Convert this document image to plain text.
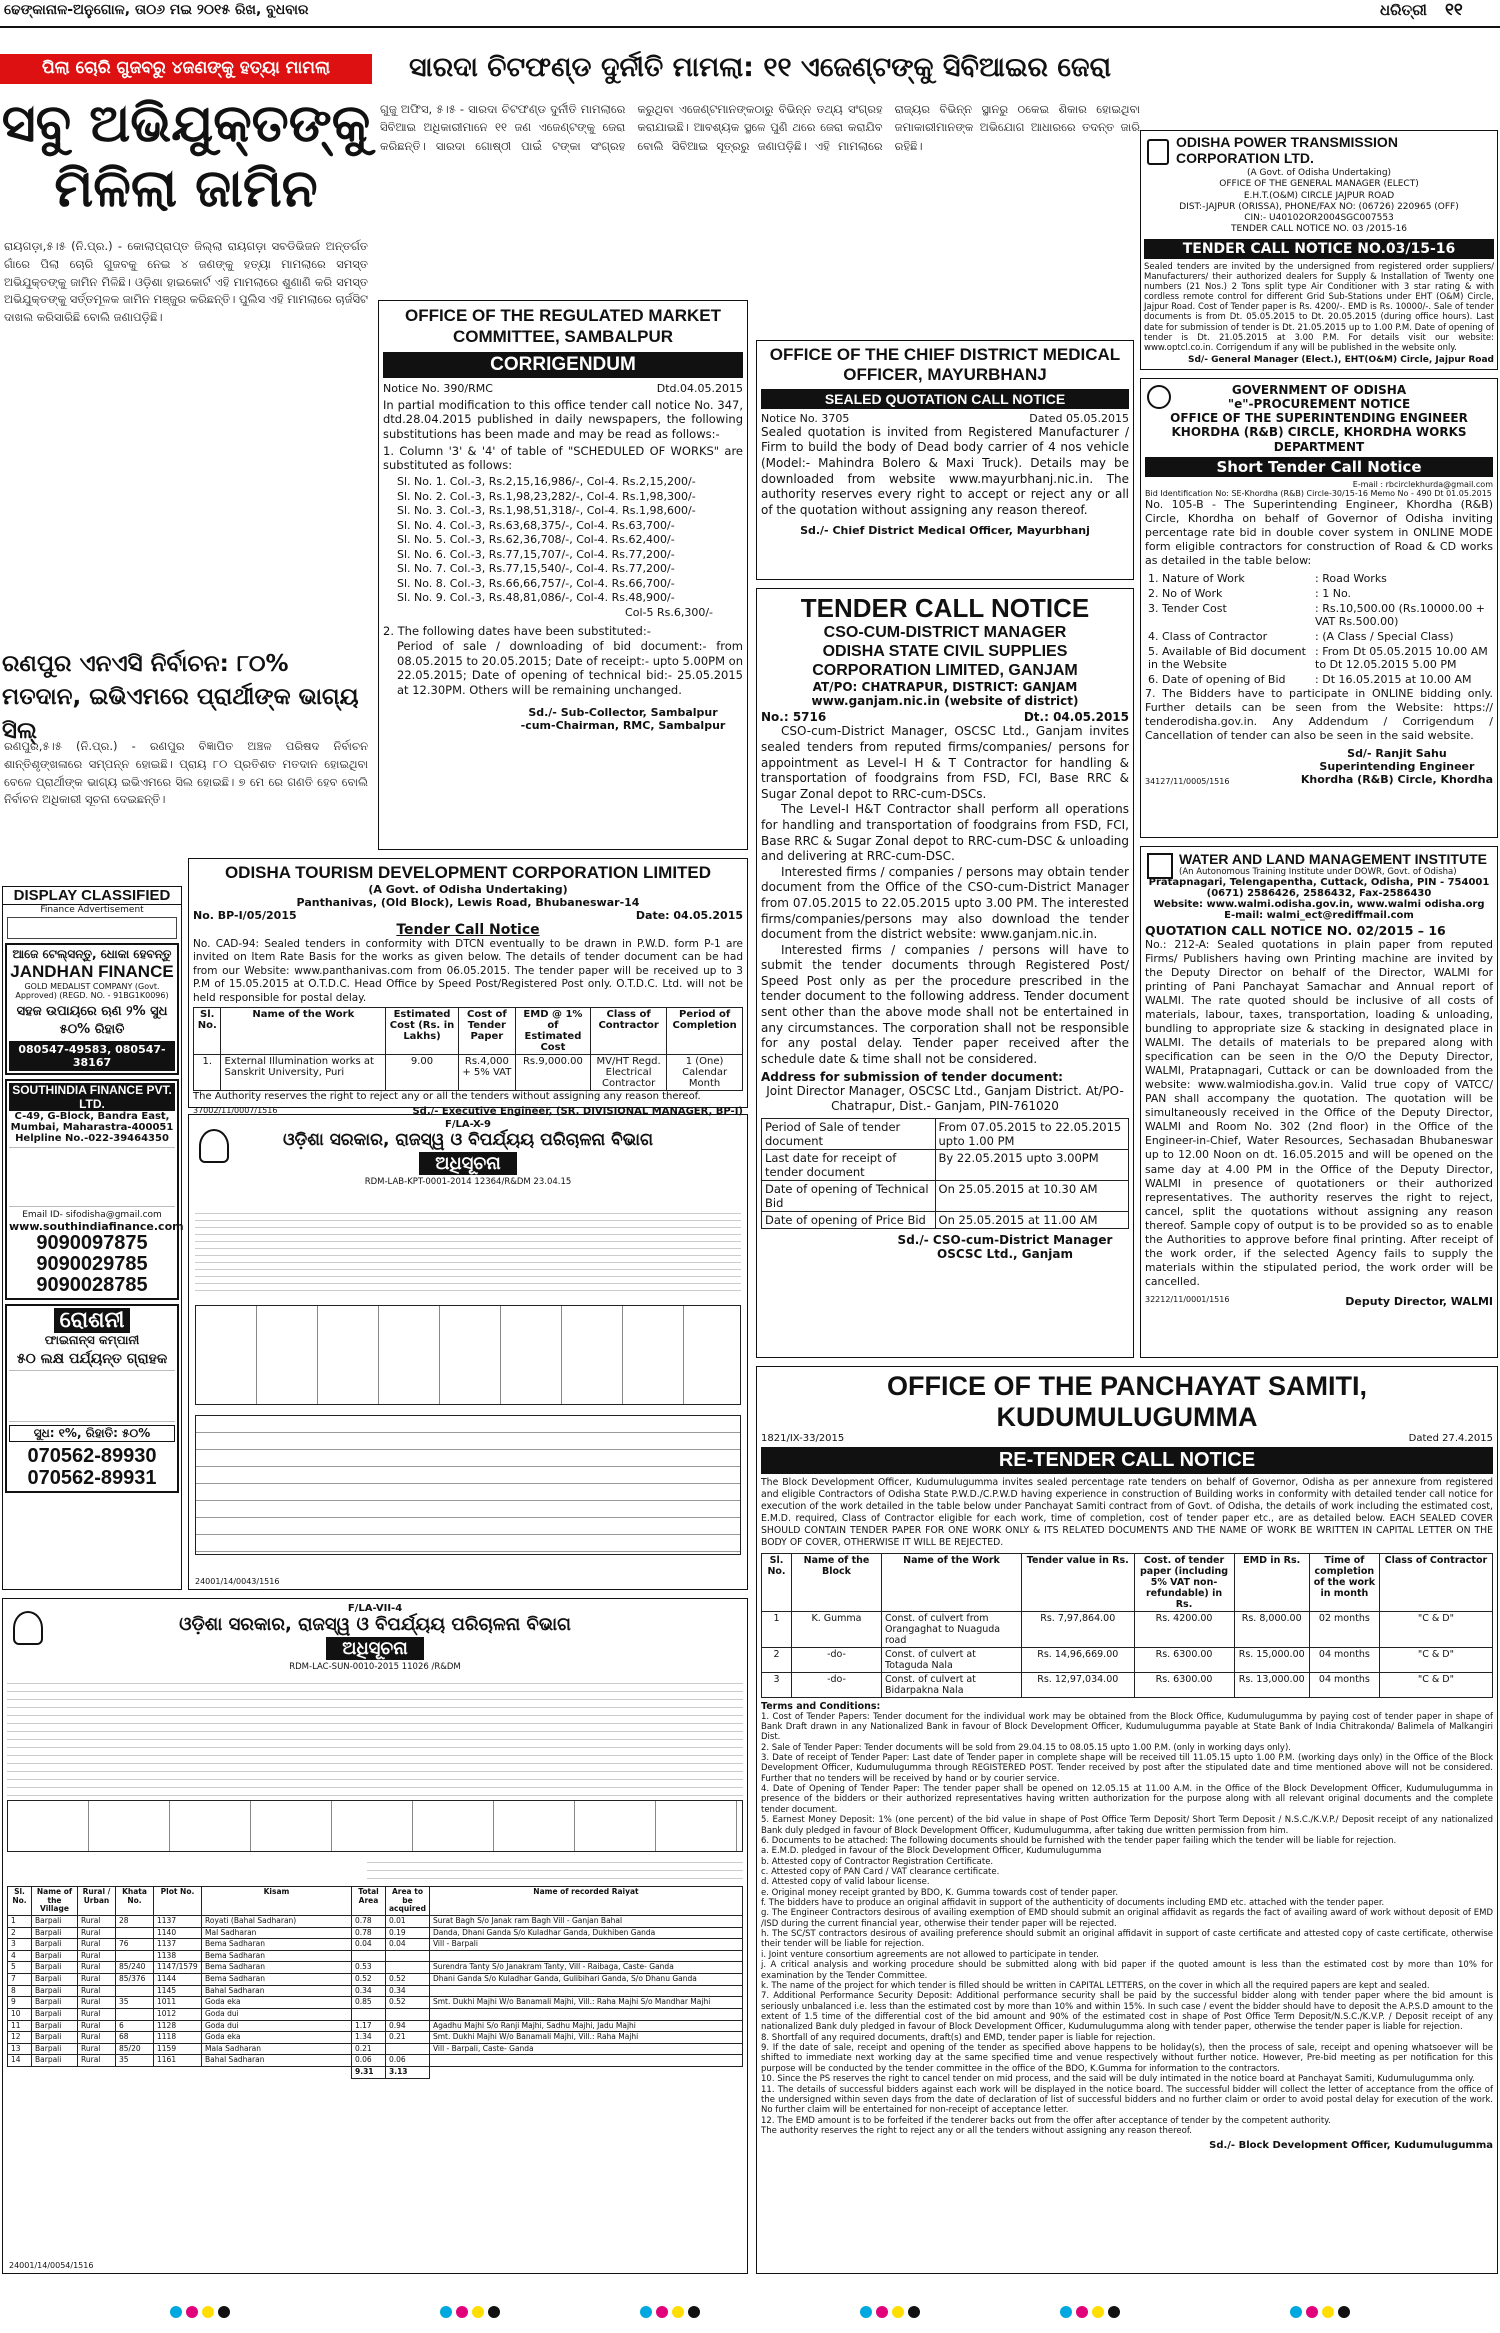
ଢେଙ୍କାନାଳ-ଅନୁଗୋଳ, ତା୦୬ ମଇ ୨୦୧୫ ରିଖ, ବୁଧବାର	ଧରିତ୍ରୀ	୧୧
ପିଲା ଚୋରି ଗୁଜବରୁ ୪ଜଣଙ୍କୁ ହତ୍ୟା ମାମଲା
ସବୁ ଅଭିଯୁକ୍ତଙ୍କୁ ମିଳିଲା ଜାମିନ
ରାୟଗଡ଼ା,୫।୫ (ନି.ପ୍ର.) - କୋଲାପ୍ରାପ୍ତ ଜିଲ୍ଲା ରାୟଗଡ଼ା ସବଡିଭିଜନ ଅନ୍ତର୍ଗତ ଗାଁରେ ପିଲା ଚୋରି ଗୁଜବକୁ ନେଇ ୪ ଜଣଙ୍କୁ ହତ୍ୟା ମାମଲାରେ ସମସ୍ତ ଅଭିଯୁକ୍ତଙ୍କୁ ଜାମିନ ମିଳିଛି। ଓଡ଼ିଶା ହାଇକୋର୍ଟ ଏହି ମାମଲାରେ ଶୁଣାଣି କରି ସମସ୍ତ ଅଭିଯୁକ୍ତଙ୍କୁ ସର୍ତ୍ତମୂଳକ ଜାମିନ ମଞ୍ଜୁର କରିଛନ୍ତି। ପୁଲିସ ଏହି ମାମଲାରେ ଚାର୍ଜସିଟ ଦାଖଲ କରିସାରିଛି ବୋଲି ଜଣାପଡ଼ିଛି।
ରଣପୁର ଏନଏସି ନିର୍ବାଚନ: ୮୦% ମତଦାନ, ଇଭିଏମରେ ପ୍ରାର୍ଥୀଙ୍କ ଭାଗ୍ୟ ସିଲ୍
ରଣପୁର,୫।୫ (ନି.ପ୍ର.) - ରଣପୁର ବିଜ୍ଞାପିତ ଅଞ୍ଚଳ ପରିଷଦ ନିର୍ବାଚନ ଶାନ୍ତିଶୃଙ୍ଖଳାରେ ସମ୍ପନ୍ନ ହୋଇଛି। ପ୍ରାୟ ୮୦ ପ୍ରତିଶତ ମତଦାନ ହୋଇଥିବା ବେଳେ ପ୍ରାର୍ଥୀଙ୍କ ଭାଗ୍ୟ ଇଭିଏମରେ ସିଲ ହୋଇଛି। ୭ ମେ ରେ ଗଣତି ହେବ ବୋଲି ନିର୍ବାଚନ ଅଧିକାରୀ ସୂଚନା ଦେଇଛନ୍ତି।
ସାରଦା ଚିଟଫଣ୍ଡ ଦୁର୍ନୀତି ମାମଲା: ୧୧ ଏଜେଣ୍ଟଙ୍କୁ ସିବିଆଇର ଜେରା
ଗୁଜୁ ଅଫିସ, ୫।୫ - ସାରଦା ଚିଟଫଣ୍ଡ ଦୁର୍ନୀତି ମାମଲାରେ ସିବିଆଇ ଅଧିକାରୀମାନେ ୧୧ ଜଣ ଏଜେଣ୍ଟଙ୍କୁ ଜେରା କରିଛନ୍ତି। ସାରଦା ଗୋଷ୍ଠୀ ପାଇଁ ଟଙ୍କା ସଂଗ୍ରହ କରୁଥିବା ଏଜେଣ୍ଟମାନଙ୍କଠାରୁ ବିଭିନ୍ନ ତଥ୍ୟ ସଂଗ୍ରହ କରାଯାଇଛି। ଆବଶ୍ୟକ ସ୍ଥଳେ ପୁଣି ଥରେ ଜେରା କରାଯିବ ବୋଲି ସିବିଆଇ ସୂତ୍ରରୁ ଜଣାପଡ଼ିଛି। ଏହି ମାମଲାରେ ରାଜ୍ୟର ବିଭିନ୍ନ ସ୍ଥାନରୁ ଠକେଇ ଶିକାର ହୋଇଥିବା ଜମାକାରୀମାନଙ୍କ ଅଭିଯୋଗ ଆଧାରରେ ତଦନ୍ତ ଜାରି ରହିଛି।	ODISHA POWER TRANSMISSION CORPORATION LTD.
(A Govt. of Odisha Undertaking)
OFFICE OF THE GENERAL MANAGER (ELECT)
E.H.T.(O&M) CIRCLE JAJPUR ROAD
DIST:-JAJPUR (ORISSA), PHONE/FAX NO: (06726) 220965 (OFF)
CIN:- U40102OR2004SGC007553
TENDER CALL NOTICE NO. 03 /2015-16
TENDER CALL NOTICE NO.03/15-16
Sealed tenders are invited by the undersigned from registered order suppliers/ Manufacturers/ their authorized dealers for Supply & Installation of Twenty one numbers (21 Nos.) 2 Tons split type Air Conditioner with 3 star rating & with cordless remote control for different Grid Sub-Stations under EHT (O&M) Circle, Jajpur Road. Cost of Tender paper is Rs. 4200/-. EMD is Rs. 10000/-. Sale of tender documents is from Dt. 05.05.2015 to Dt. 20.05.2015 (during office hours). Last date for submission of tender is Dt. 21.05.2015 up to 1.00 P.M. Date of opening of tender is Dt. 21.05.2015 at 3.00 P.M. For details visit our website: www.optcl.co.in. Corrigendum if any will be published in the website only.
Sd/- General Manager (Elect.), EHT(O&M) Circle, Jajpur Road
OFFICE OF THE REGULATED MARKET COMMITTEE, SAMBALPUR
CORRIGENDUM
Notice No. 390/RMC	Dtd.04.05.2015
In partial modification to this office tender call notice No. 347, dtd.28.04.2015 published in daily newspapers, the following substitutions has been made and may be read as follows:-
1. Column '3' & '4' of table of "SCHEDULED OF WORKS" are substituted as follows:
Sl. No. 1. Col.-3, Rs.2,15,16,986/-, Col-4. Rs.2,15,200/-
Sl. No. 2. Col.-3, Rs.1,98,23,282/-, Col-4. Rs.1,98,300/-
Sl. No. 3. Col.-3, Rs.1,98,51,318/-, Col-4. Rs.1,98,600/-
Sl. No. 4. Col.-3, Rs.63,68,375/-, Col-4. Rs.63,700/-
Sl. No. 5. Col.-3, Rs.62,36,708/-, Col-4. Rs.62,400/-
Sl. No. 6. Col.-3, Rs.77,15,707/-, Col-4. Rs.77,200/-
Sl. No. 7. Col.-3, Rs.77,15,540/-, Col-4. Rs.77,200/-
Sl. No. 8. Col.-3, Rs.66,66,757/-, Col-4. Rs.66,700/-
Sl. No. 9. Col.-3, Rs.48,81,086/-, Col-4. Rs.48,900/-
Col-5 Rs.6,300/-
2. The following dates have been substituted:-
Period of sale / downloading of bid document:- from 08.05.2015 to 20.05.2015; Date of receipt:- upto 5.00PM on 22.05.2015; Date of opening of technical bid:- 25.05.2015 at 12.30PM. Others will be remaining unchanged.
Sd./- Sub-Collector, Sambalpur
-cum-Chairman, RMC, Sambalpur
OFFICE OF THE CHIEF DISTRICT MEDICAL OFFICER, MAYURBHANJ
SEALED QUOTATION CALL NOTICE
Notice No. 3705	Dated 05.05.2015
Sealed quotation is invited from Registered Manufacturer / Firm to build the body of Dead body carrier of 4 nos vehicle (Model:- Mahindra Bolero & Maxi Truck). Details may be downloaded from website www.mayurbhanj.nic.in. The authority reserves every right to accept or reject any or all of the quotation without assigning any reason thereof.
Sd./- Chief District Medical Officer, Mayurbhanj
GOVERNMENT OF ODISHA
"e"-PROCUREMENT NOTICE
OFFICE OF THE SUPERINTENDING ENGINEER KHORDHA (R&B) CIRCLE, KHORDHA WORKS DEPARTMENT
Short Tender Call Notice
E-mail : rbcirclekhurda@gmail.com
Bid Identification No: SE-Khordha (R&B) Circle-30/15-16 Memo No - 490 Dt 01.05.2015
No. 105-B - The Superintending Engineer, Khordha (R&B) Circle, Khordha on behalf of Governor of Odisha inviting percentage rate bid in double cover system in ONLINE MODE form eligible contractors for construction of Road & CD works as detailed in the table below:
1. Nature of Work	: Road Works
2. No of Work	: 1 No.
3. Tender Cost	: Rs.10,500.00 (Rs.10000.00 + VAT Rs.500.00)
4. Class of Contractor	: (A Class / Special Class)
5. Available of Bid document in the Website	: From Dt 05.05.2015 10.00 AM to Dt 12.05.2015 5.00 PM
6. Date of opening of Bid	: Dt 16.05.2015 at 10.00 AM
7. The Bidders have to participate in ONLINE bidding only. Further details can be seen from the Website: https:// tenderodisha.gov.in. Any Addendum / Corrigendum / Cancellation of tender can also be seen in the said website.
34127/11/0005/1516
Sd/- Ranjit Sahu
Superintending Engineer
Khordha (R&B) Circle, Khordha
TENDER CALL NOTICE
CSO-CUM-DISTRICT MANAGER
ODISHA STATE CIVIL SUPPLIES CORPORATION LIMITED, GANJAM
AT/PO: CHATRAPUR, DISTRICT: GANJAM
www.ganjam.nic.in (website of district)
No.: 5716	Dt.: 04.05.2015
CSO-cum-District Manager, OSCSC Ltd., Ganjam invites sealed tenders from reputed firms/companies/ persons for appointment as Level-I H & T Contractor for handling & transportation of foodgrains from FSD, FCI, Base RRC & Sugar Zonal depot to RRC-cum-DSCs.
The Level-I H&T Contractor shall perform all operations for handling and transportation of foodgrains from FSD, FCI, Base RRC & Sugar Zonal depot to RRC-cum-DSC & unloading and delivering at RRC-cum-DSC.
Interested firms / companies / persons may obtain tender document from the Office of the CSO-cum-District Manager from 07.05.2015 to 22.05.2015 upto 3.00 PM. The interested firms/companies/persons may also download the tender document from the district website: www.ganjam.nic.in.
Interested firms / companies / persons will have to submit the tender documents through Registered Post/ Speed Post only as per the procedure prescribed in the tender document to the following address. Tender document sent other than the above mode shall not be entertained in any circumstances. The corporation shall not be responsible for any postal delay. Tender paper received after the schedule date & time shall not be considered.
Address for submission of tender document:
Joint Director Manager, OSCSC Ltd., Ganjam District. At/PO- Chatrapur, Dist.- Ganjam, PIN-761020
Period of Sale of tender document	From 07.05.2015 to 22.05.2015 upto 1.00 PM
Last date for receipt of tender document	By 22.05.2015 upto 3.00PM
Date of opening of Technical Bid	On 25.05.2015 at 10.30 AM
Date of opening of Price Bid	On 25.05.2015 at 11.00 AM
Sd./- CSO-cum-District Manager
OSCSC Ltd., Ganjam
WATER AND LAND MANAGEMENT INSTITUTE
(An Autonomous Training Institute under DOWR, Govt. of Odisha)
Pratapnagari, Telengapentha, Cuttack, Odisha, PIN - 754001
(0671) 2586426, 2586432, Fax-2586430
Website: www.walmi.odisha.gov.in, www.walmi odisha.org
E-mail: walmi_ect@rediffmail.com
QUOTATION CALL NOTICE NO. 02/2015 – 16
No.: 212-A: Sealed quotations in plain paper from reputed Firms/ Publishers having own Printing machine are invited by the Deputy Director on behalf of the Director, WALMI for printing of Pani Panchayat Samachar and Annual report of WALMI. The rate quoted should be inclusive of all costs of materials, labour, taxes, transportation, loading & unloading, bundling to appropriate size & stacking in designated place in WALMI. The details of materials to be prepared along with specification can be seen in the O/O the Deputy Director, WALMI, Pratapnagari, Cuttack or can be downloaded from the website: www.walmiodisha.gov.in. Valid true copy of VATCC/ PAN shall accompany the quotation. The quotation will be simultaneously received in the Office of the Deputy Director, WALMI and Room No. 302 (2nd floor) in the Office of the Engineer-in-Chief, Water Resources, Sechasadan Bhubaneswar up to 12.00 Noon on dt. 16.05.2015 and will be opened on the same day at 4.00 PM in the Office of the Deputy Director, WALMI in presence of quotationers or their authorized representatives. The authority reserves the right to reject, cancel, split the quotations without assigning any reason thereof. Sample copy of output is to be provided so as to enable the Authorities to approve before final printing. After receipt of the work order, if the selected Agency fails to supply the materials within the stipulated period, the work order will be cancelled.
32212/11/0001/1516	Deputy Director, WALMI
ODISHA TOURISM DEVELOPMENT CORPORATION LIMITED
(A Govt. of Odisha Undertaking)
Panthanivas, (Old Block), Lewis Road, Bhubaneswar-14
No. BP-I/05/2015	Date: 04.05.2015
Tender Call Notice
No. CAD-94: Sealed tenders in conformity with DTCN eventually to be drawn in P.W.D. form P-1 are invited on Item Rate Basis for the works as given below. The details of tender document can be had from our Website: www.panthanivas.com from 06.05.2015. The tender paper will be received up to 3 P.M of 15.05.2015 at O.T.D.C. Head Office by Speed Post/Registered Post only. O.T.D.C. Ltd. will not be held responsible for postal delay.
Sl. No.	Name of the Work	Estimated Cost (Rs. in Lakhs)	Cost of Tender Paper	EMD @ 1% of Estimated Cost	Class of Contractor	Period of Completion
1.	External Illumination works at Sanskrit University, Puri	9.00	Rs.4,000 + 5% VAT	Rs.9,000.00	MV/HT Regd. Electrical Contractor	1 (One) Calendar Month
The Authority reserves the right to reject any or all the tenders without assigning any reason thereof.
37002/11/0007/1516	Sd./- Executive Engineer, (SR. DIVISIONAL MANAGER, BP-I)
DISPLAY CLASSIFIED
Finance Advertisement
ଆଜେ ଟେଲ୍ସନ୍ତୁ, ଧୋକା ହେବନ୍ତୁ
JANDHAN FINANCE
GOLD MEDALIST COMPANY (Govt. Approved) (REGD. NO. - 91BG1K0096)
ସହଜ ଉପାୟରେ ଋଣ ୨% ସୁଧ ୫୦% ରିହାତି
080547-49583, 080547-38167
SOUTHINDIA FINANCE PVT. LTD.
C-49, G-Block, Bandra East, Mumbai, Maharastra-400051
Helpline No.-022-39464350
Email ID- sifodisha@gmail.com
www.southindiafinance.com
9090097875
9090029785
9090028785
ରୋଶନୀ ଫାଇନାନ୍ସ କମ୍ପାନୀ
୫୦ ଲକ୍ଷ ପର୍ଯ୍ୟନ୍ତ ଗ୍ରାହକ
ସୁଧ: ୧%, ରିହାତି: ୫୦%
070562-89930
070562-89931
F/LA-X-9
ଓଡ଼ିଶା ସରକାର, ରାଜସ୍ୱ ଓ ବିପର୍ଯ୍ୟୟ ପରିଚାଳନା ବିଭାଗ
ଅଧିସୂଚନା
RDM-LAB-KPT-0001-2014 12364/R&DM 23.04.15
24001/14/0043/1516
F/LA-VII-4
ଓଡ଼ିଶା ସରକାର, ରାଜସ୍ୱ ଓ ବିପର୍ଯ୍ୟୟ ପରିଚାଳନା ବିଭାଗ
ଅଧିସୂଚନା
RDM-LAC-SUN-0010-2015 11026 /R&DM
Sl. No.	Name of the Village	Rural / Urban	Khata No.	Plot No.	Kisam	Total Area	Area to be acquired	Name of recorded Raiyat
1	Barpali	Rural	28	1137	Royati (Bahal Sadharan)	0.78	0.01	Surat Bagh S/o Janak ram Bagh Vill - Ganjan Bahal
2	Barpali	Rural		1140	Mal Sadharan	0.78	0.19	Danda, Dhani Ganda S/o Kuladhar Ganda, Dukhiben Ganda
3	Barpali	Rural	76	1137	Bema Sadharan	0.04	0.04	Vill - Barpali
4	Barpali	Rural		1138	Bema Sadharan			
5	Barpali	Rural	85/240	1147/1579	Bema Sadharan	0.53		Surendra Tanty S/o Janakram Tanty, Vill - Raibaga, Caste- Ganda
7	Barpali	Rural	85/376	1144	Bema Sadharan	0.52	0.52	Dhani Ganda S/o Kuladhar Ganda, Gulibihari Ganda, S/o Dhanu Ganda
8	Barpali	Rural		1145	Bahal Sadharan	0.34	0.34	
9	Barpali	Rural	35	1011	Goda eka	0.85	0.52	Smt. Dukhi Majhi W/o Banamali Majhi, Vill.: Raha Majhi S/o Mandhar Majhi
10	Barpali	Rural		1012	Goda dui			
11	Barpali	Rural	6	1128	Goda dui	1.17	0.94	Agadhu Majhi S/o Ranji Majhi, Sadhu Majhi, Jadu Majhi
12	Barpali	Rural	68	1118	Goda eka	1.34	0.21	Smt. Dukhi Majhi W/o Banamali Majhi, Vill.: Raha Majhi
13	Barpali	Rural	85/20	1159	Mala Sadharan	0.21		Vill - Barpali, Caste- Ganda
14	Barpali	Rural	35	1161	Bahal Sadharan	0.06	0.06	
						9.31	3.13	
24001/14/0054/1516
OFFICE OF THE PANCHAYAT SAMITI, KUDUMULUGUMMA
1821/IX-33/2015	Dated 27.4.2015
RE-TENDER CALL NOTICE
The Block Development Officer, Kudumulugumma invites sealed percentage rate tenders on behalf of Governor, Odisha as per annexure from registered and eligible Contractors of Odisha State P.W.D./C.P.W.D having experience in construction of Building works in conformity with detailed tender call notice for execution of the work detailed in the table below under Panchayat Samiti contract from of Govt. of Odisha, the details of work including the estimated cost, E.M.D. required, Class of Contractor eligible for each work, time of completion, cost of tender paper etc., are as detailed below. EACH SEALED COVER SHOULD CONTAIN TENDER PAPER FOR ONE WORK ONLY & ITS RELATED DOCUMENTS AND THE NAME OF WORK BE WRITTEN IN CAPITAL LETTER ON THE BODY OF COVER, OTHERWISE IT WILL BE REJECTED.
Sl. No.	Name of the Block	Name of the Work	Tender value in Rs.	Cost. of tender paper (including 5% VAT non-refundable) in Rs.	EMD in Rs.	Time of completion of the work in month	Class of Contractor
1	K. Gumma	Const. of culvert from Orangaghat to Nuaguda road	Rs. 7,97,864.00	Rs. 4200.00	Rs. 8,000.00	02 months	"C & D"
2	-do-	Const. of culvert at Totaguda Nala	Rs. 14,96,669.00	Rs. 6300.00	Rs. 15,000.00	04 months	"C & D"
3	-do-	Const. of culvert at Bidarpakna Nala	Rs. 12,97,034.00	Rs. 6300.00	Rs. 13,000.00	04 months	"C & D"
Terms and Conditions:
1. Cost of Tender Papers: Tender document for the individual work may be obtained from the Block Office, Kudumulugumma by paying cost of tender paper in shape of Bank Draft drawn in any Nationalized Bank in favour of Block Development Officer, Kudumulugumma payable at State Bank of India Chitrakonda/ Balimela of Malkangiri Dist.
2. Sale of Tender Paper: Tender documents will be sold from 29.04.15 to 08.05.15 upto 1.00 P.M. (only in working days only).
3. Date of receipt of Tender Paper: Last date of Tender paper in complete shape will be received till 11.05.15 upto 1.00 P.M. (working days only) in the Office of the Block Development Officer, Kudumulugumma through REGISTERED POST. Tender received by post after the stipulated date and time mentioned above will not be considered. Further that no tenders will be received by hand or by courier service.
4. Date of Opening of Tender Paper: The tender paper shall be opened on 12.05.15 at 11.00 A.M. in the Office of the Block Development Officer, Kudumulugumma in presence of the bidders or their authorized representatives having written authorization for the purpose along with all relevant original documents and the complete tender document.
5. Earnest Money Deposit: 1% (one percent) of the bid value in shape of Post Office Term Deposit/ Short Term Deposit / N.S.C./K.V.P./ Deposit receipt of any nationalized Bank duly pledged in favour of Block Development Officer, Kudumulugumma, after taking due written permission from him.
6. Documents to be attached: The following documents should be furnished with the tender paper failing which the tender will be liable for rejection.
a. E.M.D. pledged in favour of the Block Development Officer, Kudumulugumma
b. Attested copy of Contractor Registration Certificate.
c. Attested copy of PAN Card / VAT clearance certificate.
d. Attested copy of valid labour license.
e. Original money receipt granted by BDO, K. Gumma towards cost of tender paper.
f. The bidders have to produce an original affidavit in support of the authenticity of documents including EMD etc. attached with the tender paper.
g. The Engineer Contractors desirous of availing exemption of EMD should submit an original affidavit as regards the fact of availing award of work without deposit of EMD /ISD during the current financial year, otherwise their tender paper will be rejected.
h. The SC/ST contractors desirous of availing preference should submit an original affidavit in support of caste certificate and attested copy of caste certificate, otherwise their tender will be liable for rejection.
i. Joint venture consortium agreements are not allowed to participate in tender.
j. A critical analysis and working procedure should be submitted along with bid paper if the quoted amount is less than the estimated cost by more than 10% for examination by the Tender Committee.
k. The name of the project for which tender is filled should be written in CAPITAL LETTERS, on the cover in which all the required papers are kept and sealed.
7. Additional Performance Security Deposit: Additional performance security shall be paid by the successful bidder along with tender paper where the bid amount is seriously unbalanced i.e. less than the estimated cost by more than 10% and within 15%. In such case / event the bidder should have to deposit the A.P.S.D amount to the extent of 1.5 time of the differential cost of the bid amount and 90% of the estimated cost in shape of Post Office Term Deposit/N.S.C./K.V.P. / Deposit receipt of any nationalized Bank duly pledged in favour of Block Development Officer, Kudumulugumma along with tender paper, otherwise the tender paper is liable for rejection.
8. Shortfall of any required documents, draft(s) and EMD, tender paper is liable for rejection.
9. If the date of sale, receipt and opening of the tender as specified above happens to be holiday(s), then the process of sale, receipt and opening whatsoever will be shifted to immediate next working day at the same specified time and venue respectively without further notice. However, Pre-bid meeting as per notification for this purpose will be conducted by the tender committee in the office of the BDO, K.Gumma for information to the contractors.
10. Since the PS reserves the right to cancel tender on mid process, and the said will be duly intimated in the notice board at Panchayat Samiti, Kudumulugumma only.
11. The details of successful bidders against each work will be displayed in the notice board. The successful bidder will collect the letter of acceptance from the office of the undersigned within seven days from the date of declaration of list of successful bidders and no further claim or order to avoid postal delay for execution of the work. No further claim will be entertained for non-receipt of acceptance letter.
12. The EMD amount is to be forfeited if the tenderer backs out from the offer after acceptance of tender by the competent authority.
The authority reserves the right to reject any or all the tenders without assigning any reason thereof.
Sd./- Block Development Officer, Kudumulugumma
